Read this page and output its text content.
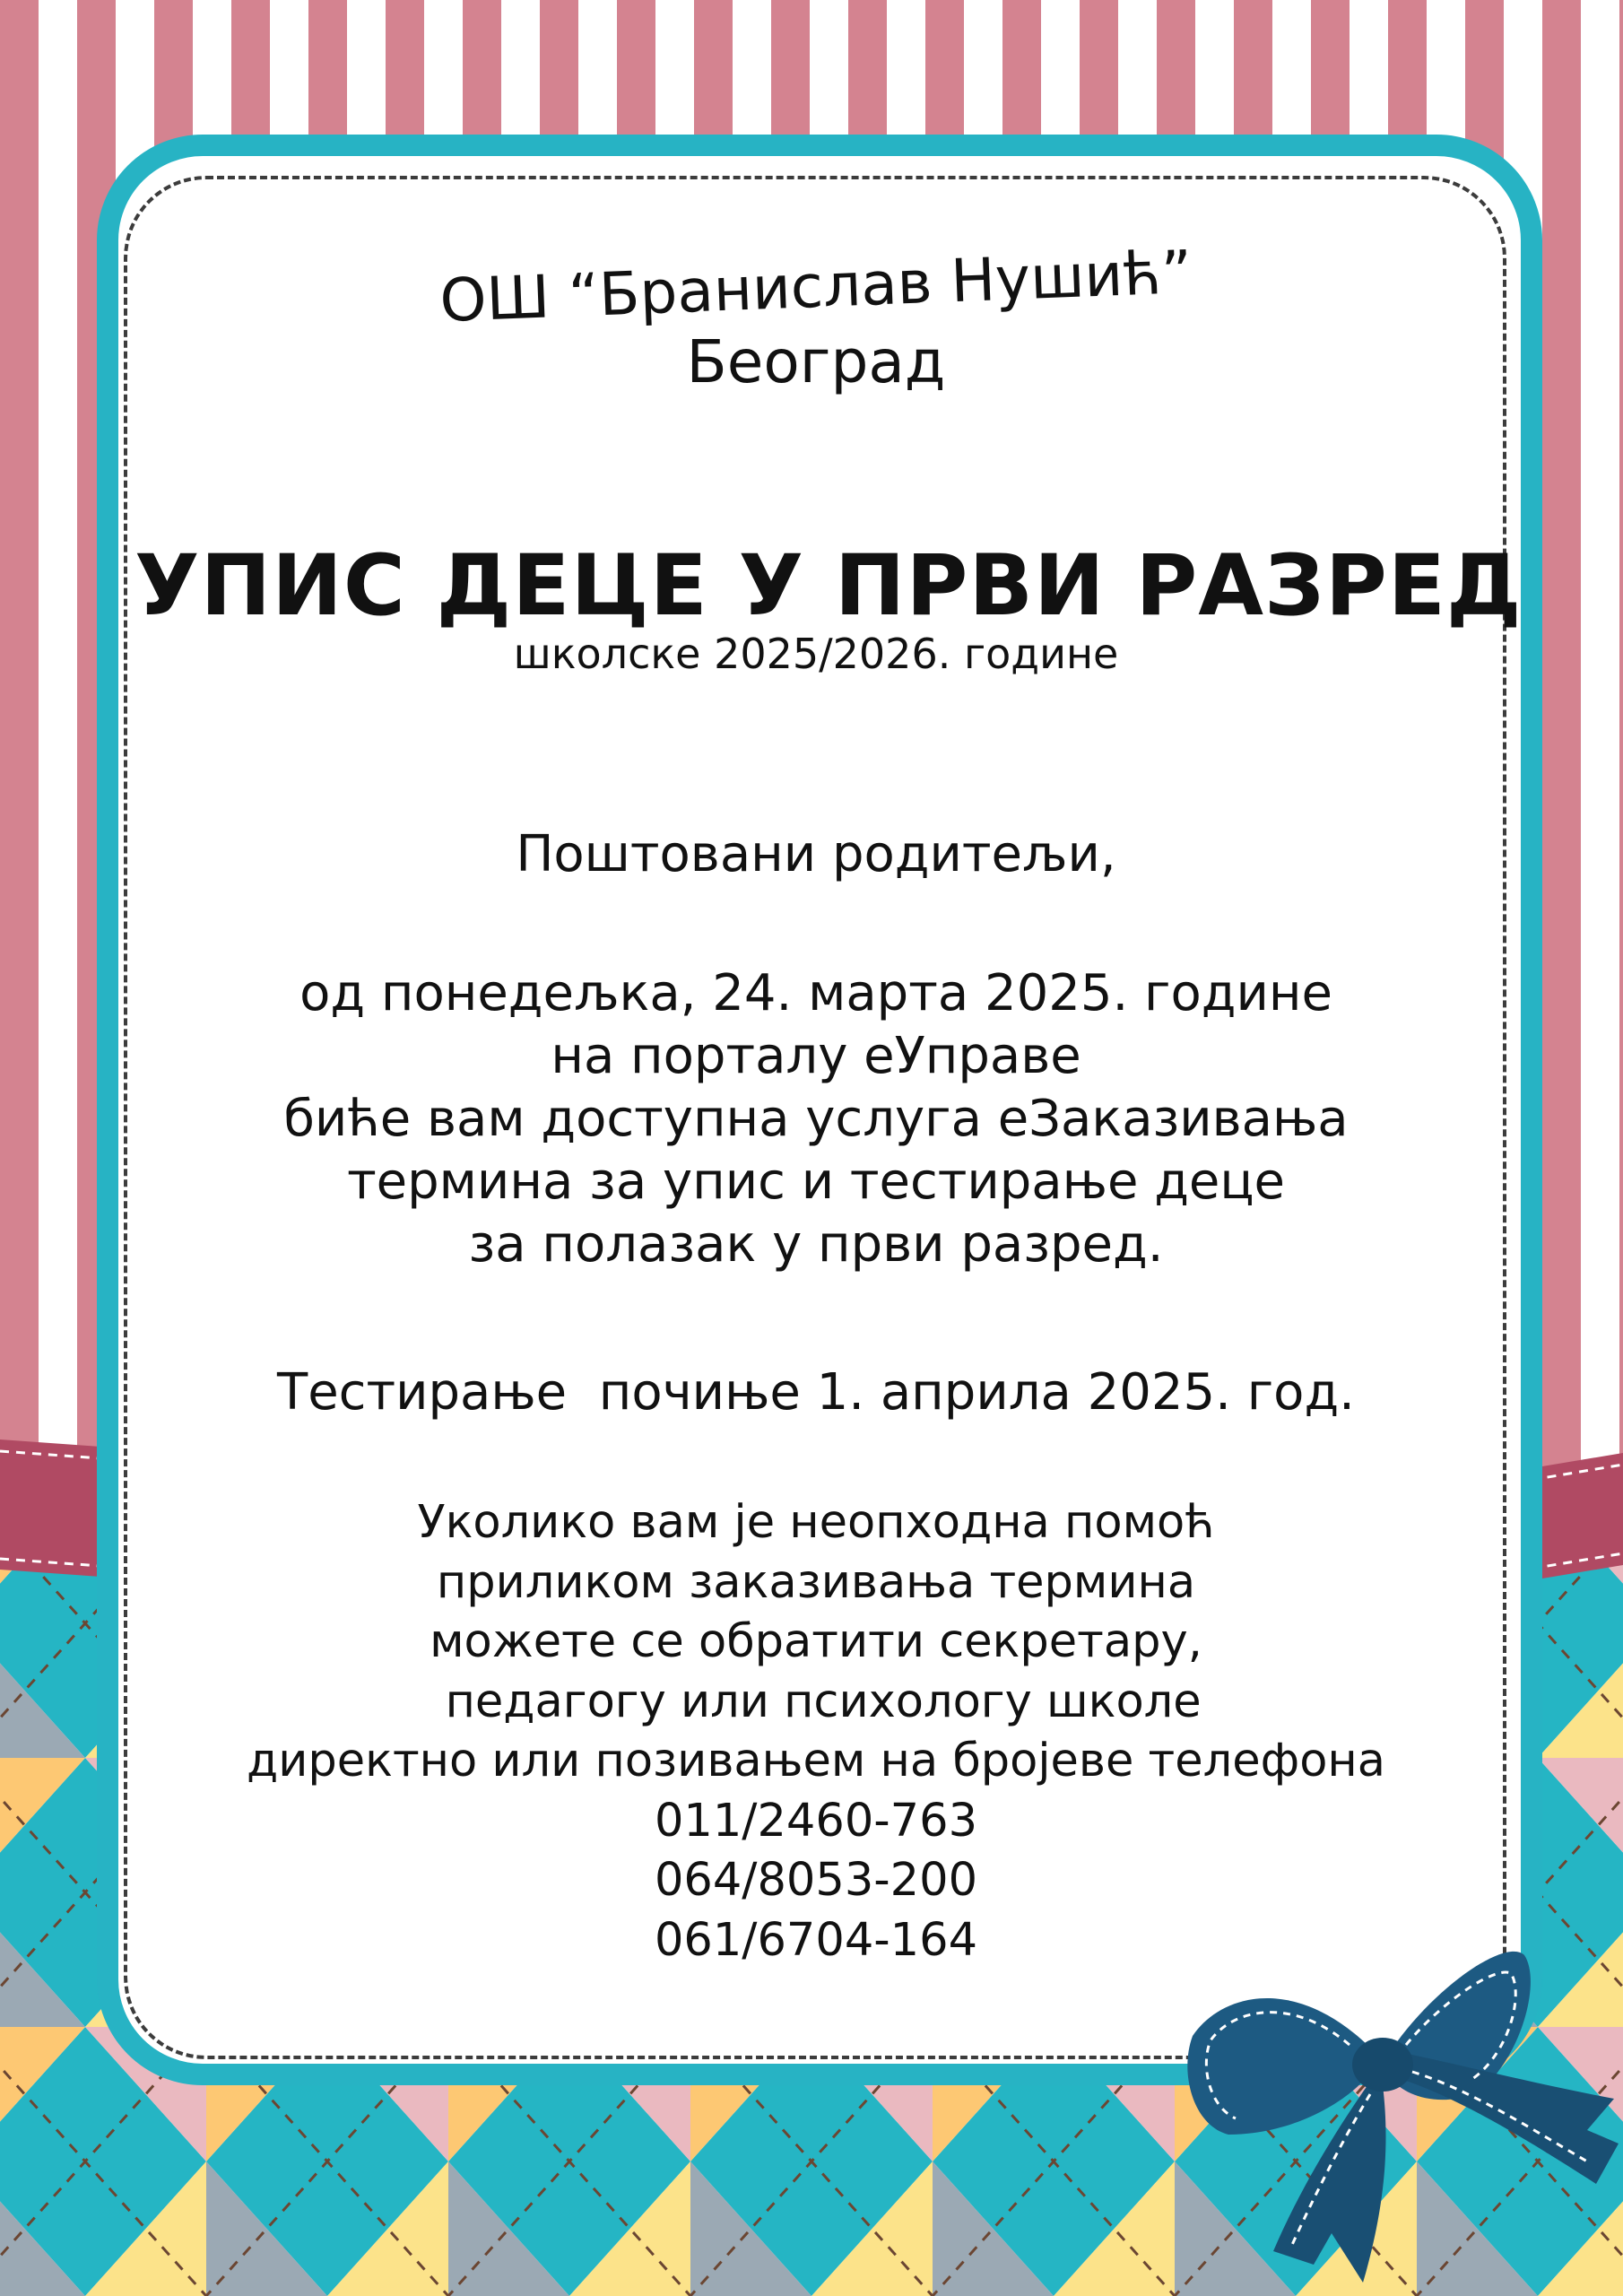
ОШ “Бранислав Нушић”
Београд
УПИС ДЕЦЕ У ПРВИ РАЗРЕД
школске 2025/2026. године
Поштовани родитељи,
од понедељка, 24. марта 2025. године
на порталу еУправе
биће вам доступна услуга еЗаказивања
термина за упис и тестирање деце
за полазак у први разред.
Тестирање  почиње 1. априла 2025. год.
Уколико вам је неопходна помоћ
приликом заказивања термина
можете се обратити секретару,
педагогу или психологу школе
директно или позивањем на бројеве телефона
011/2460-763
064/8053-200
061/6704-164
